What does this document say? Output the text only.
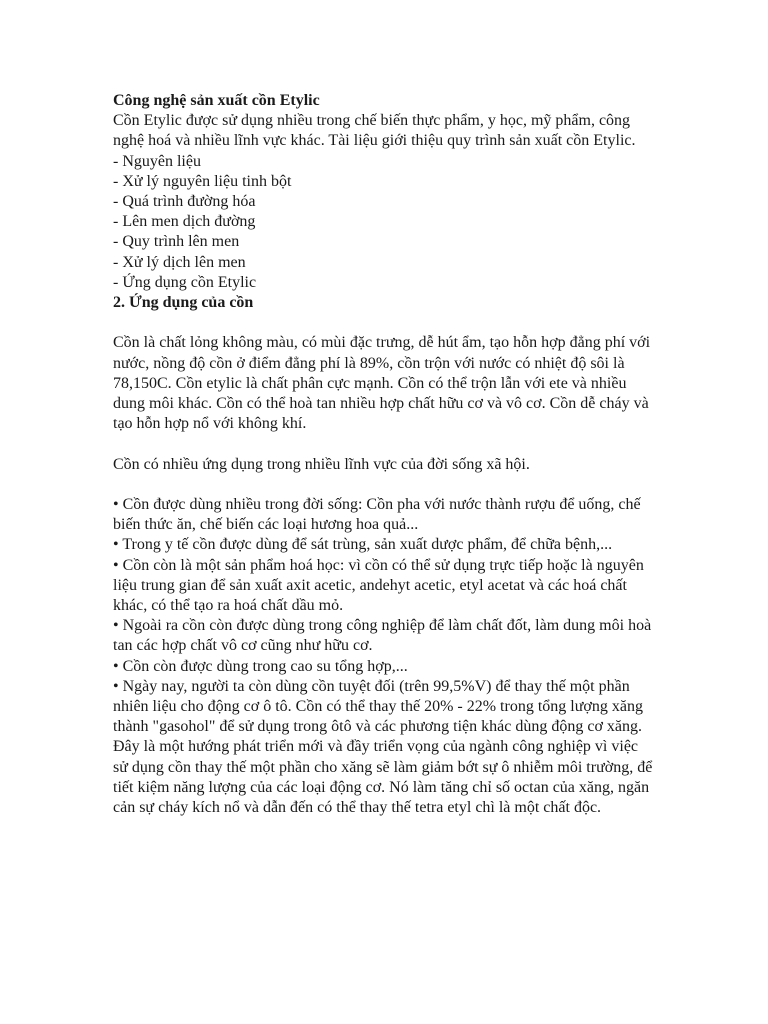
Công nghệ sản xuất cồn Etylic

Cồn Etylic được sử dụng nhiều trong chế biến thực phẩm, y học, mỹ phẩm, công nghệ hoá và nhiều lĩnh vực khác. Tài liệu giới thiệu quy trình sản xuất cồn Etylic.

- Nguyên liệu

- Xử lý nguyên liệu tinh bột

- Quá trình đường hóa

- Lên men dịch đường

- Quy trình lên men

- Xử lý dịch lên men

- Ứng dụng cồn Etylic

2. Ứng dụng của cồn

Cồn là chất lỏng không màu, có mùi đặc trưng, dễ hút ẩm, tạo hỗn hợp đẳng phí với nước, nồng độ cồn ở điểm đẳng phí là 89%, cồn trộn với nước có nhiệt độ sôi là 78,150C. Cồn etylic là chất phân cực mạnh. Cồn có thể trộn lẫn với ete và nhiều dung môi khác. Cồn có thể hoà tan nhiều hợp chất hữu cơ và vô cơ. Cồn dễ cháy và tạo hỗn hợp nổ với không khí.

Cồn có nhiều ứng dụng trong nhiều lĩnh vực của đời sống xã hội.

• Cồn được dùng nhiều trong đời sống: Cồn pha với nước thành rượu để uống, chế biến thức ăn, chế biến các loại hương hoa quả...

• Trong y tế cồn được dùng để sát trùng, sản xuất dược phẩm, để chữa bệnh,...

• Cồn còn là một sản phẩm hoá học: vì cồn có thể sử dụng trực tiếp hoặc là nguyên liệu trung gian để sản xuất axit acetic, andehyt acetic, etyl acetat và các hoá chất khác, có thể tạo ra hoá chất dầu mỏ.

• Ngoài ra cồn còn được dùng trong công nghiệp để làm chất đốt, làm dung môi hoà tan các hợp chất vô cơ cũng như hữu cơ.

• Cồn còn được dùng trong cao su tổng hợp,...

• Ngày nay, người ta còn dùng cồn tuyệt đối (trên 99,5%V) để thay thế một phần nhiên liệu cho động cơ ô tô. Cồn có thể thay thế 20% - 22% trong tổng lượng xăng thành "gasohol" để sử dụng trong ôtô và các phương tiện khác dùng động cơ xăng. Đây là một hướng phát triển mới và đầy triển vọng của ngành công nghiệp vì việc sử dụng cồn thay thế một phần cho xăng sẽ làm giảm bớt sự ô nhiễm môi trường, để tiết kiệm năng lượng của các loại động cơ. Nó làm tăng chỉ số octan của xăng, ngăn cản sự cháy kích nổ và dẫn đến có thể thay thế tetra etyl chì là một chất độc.
